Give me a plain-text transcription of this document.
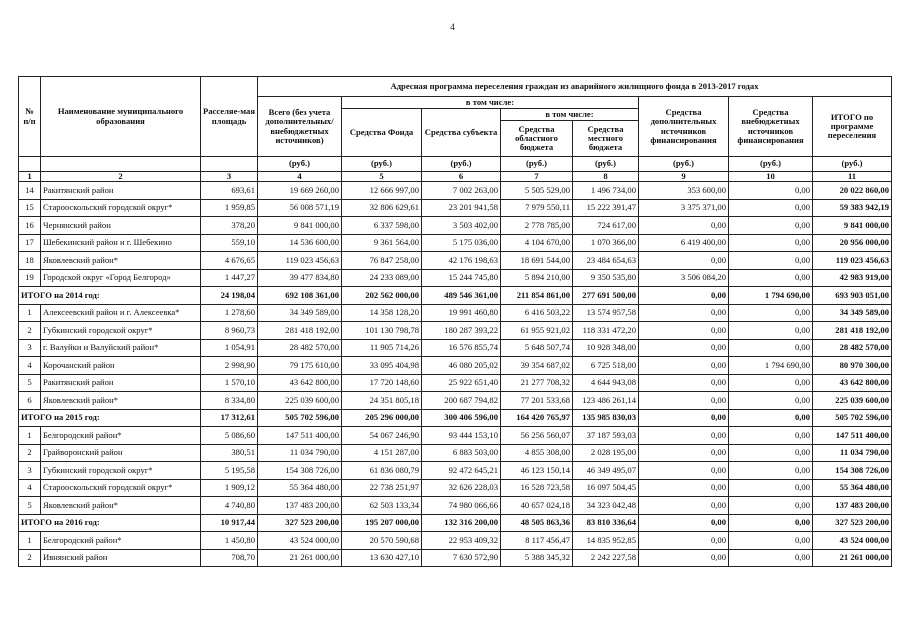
4
№ п/п	Наименование муниципального образования	Расселяе-мая площадь	Адресная программа переселения граждан из аварийного жилищного фонда в 2013-2017 годах							
			Всего (без учета дополнительных/ внебюджетных источников)	в том числе:				Средства дополнительных источников финансирования	Средства внебюджетных источников финансирования	ИТОГО по программе переселения
				Средства Фонда	Средства субъекта	в том числе:				
						Средства областного бюджета	Средства местного бюджета			
			(руб.)	(руб.)	(руб.)	(руб.)	(руб.)	(руб.)	(руб.)	(руб.)
1	2	3	4	5	6	7	8	9	10	11
14	Ракитянский район	693,61	19 669 260,00	12 666 997,00	7 002 263,00	5 505 529,00	1 496 734,00	353 600,00	0,00	20 022 860,00
15	Старооскольский городской округ*	1 959,85	56 008 571,19	32 806 629,61	23 201 941,58	7 979 550,11	15 222 391,47	3 375 371,00	0,00	59 383 942,19
16	Чернянский район	378,20	9 841 000,00	6 337 598,00	3 503 402,00	2 778 785,00	724 617,00	0,00	0,00	9 841 000,00
17	Шебекинский район и г. Шебекино	559,10	14 536 600,00	9 361 564,00	5 175 036,00	4 104 670,00	1 070 366,00	6 419 400,00	0,00	20 956 000,00
18	Яковлевский район*	4 676,65	119 023 456,63	76 847 258,00	42 176 198,63	18 691 544,00	23 484 654,63	0,00	0,00	119 023 456,63
19	Городской округ «Город Белгород»	1 447,27	39 477 834,80	24 233 089,00	15 244 745,80	5 894 210,00	9 350 535,80	3 506 084,20	0,00	42 983 919,00
ИТОГО на 2014 год:		24 198,04	692 108 361,00	202 562 000,00	489 546 361,00	211 854 861,00	277 691 500,00	0,00	1 794 690,00	693 903 051,00
1	Алексеевский район и г. Алексеевка*	1 278,60	34 349 589,00	14 358 128,20	19 991 460,80	6 416 503,22	13 574 957,58	0,00	0,00	34 349 589,00
2	Губкинский городской округ*	8 960,73	281 418 192,00	101 130 798,78	180 287 393,22	61 955 921,02	118 331 472,20	0,00	0,00	281 418 192,00
3	г. Валуйки и Валуйский район*	1 054,91	28 482 570,00	11 905 714,26	16 576 855,74	5 648 507,74	10 928 348,00	0,00	0,00	28 482 570,00
4	Корочанский район	2 998,90	79 175 610,00	33 095 404,98	46 080 205,02	39 354 687,02	6 725 518,00	0,00	1 794 690,00	80 970 300,00
5	Ракитянский район	1 570,10	43 642 800,00	17 720 148,60	25 922 651,40	21 277 708,32	4 644 943,08	0,00	0,00	43 642 800,00
6	Яковлевский район*	8 334,80	225 039 600,00	24 351 805,18	200 687 794,82	77 201 533,68	123 486 261,14	0,00	0,00	225 039 600,00
ИТОГО на 2015 год:		17 312,61	505 702 596,00	205 296 000,00	300 406 596,00	164 420 765,97	135 985 830,03	0,00	0,00	505 702 596,00
1	Белгородский район*	5 086,60	147 511 400,00	54 067 246,90	93 444 153,10	56 256 560,07	37 187 593,03	0,00	0,00	147 511 400,00
2	Грайворонский район	380,51	11 034 790,00	4 151 287,00	6 883 503,00	4 855 308,00	2 028 195,00	0,00	0,00	11 034 790,00
3	Губкинский городской округ*	5 195,58	154 308 726,00	61 836 080,79	92 472 645,21	46 123 150,14	46 349 495,07	0,00	0,00	154 308 726,00
4	Старооскольский городской округ*	1 909,12	55 364 480,00	22 738 251,97	32 626 228,03	16 528 723,58	16 097 504,45	0,00	0,00	55 364 480,00
5	Яковлевский район*	4 740,80	137 483 200,00	62 503 133,34	74 980 066,66	40 657 024,18	34 323 042,48	0,00	0,00	137 483 200,00
ИТОГО на 2016 год:		10 917,44	327 523 200,00	195 207 000,00	132 316 200,00	48 505 863,36	83 810 336,64	0,00	0,00	327 523 200,00
1	Белгородский район*	1 450,80	43 524 000,00	20 570 590,68	22 953 409,32	8 117 456,47	14 835 952,85	0,00	0,00	43 524 000,00
2	Ивнянский район	708,70	21 261 000,00	13 630 427,10	7 630 572,90	5 388 345,32	2 242 227,58	0,00	0,00	21 261 000,00
